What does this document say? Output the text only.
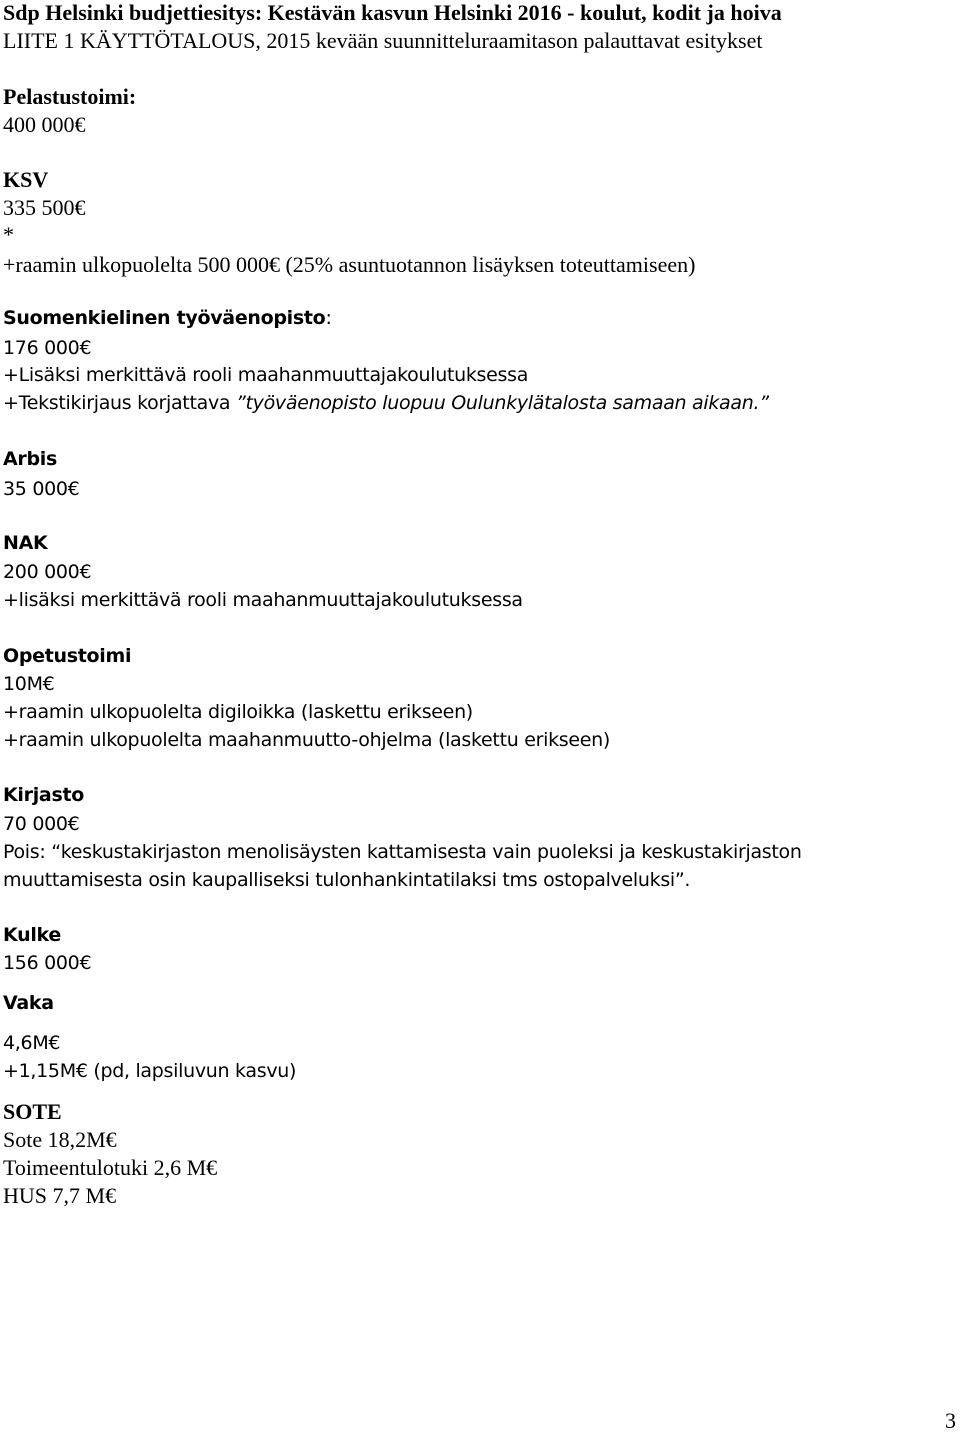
Sdp Helsinki budjettiesitys: Kestävän kasvun Helsinki 2016 - koulut, kodit ja hoiva
LIITE 1 KÄYTTÖTALOUS, 2015 kevään suunnitteluraamitason palauttavat esitykset
Pelastustoimi:
400 000€
KSV
335 500€
*
+raamin ulkopuolelta 500 000€ (25% asuntuotannon lisäyksen toteuttamiseen)
Suomenkielinen työväenopisto:
176 000€
+Lisäksi merkittävä rooli maahanmuuttajakoulutuksessa
+Tekstikirjaus korjattava ”työväenopisto luopuu Oulunkylätalosta samaan aikaan.”
Arbis
35 000€
NAK
200 000€
+lisäksi merkittävä rooli maahanmuuttajakoulutuksessa
Opetustoimi
10M€
+raamin ulkopuolelta digiloikka (laskettu erikseen)
+raamin ulkopuolelta maahanmuutto-ohjelma (laskettu erikseen)
Kirjasto
70 000€
Pois: “keskustakirjaston menolisäysten kattamisesta vain puoleksi ja keskustakirjaston
muuttamisesta osin kaupalliseksi tulonhankintatilaksi tms ostopalveluksi”.
Kulke
156 000€
Vaka
4,6M€
+1,15M€ (pd, lapsiluvun kasvu)
SOTE
Sote 18,2M€
Toimeentulotuki 2,6 M€
HUS 7,7 M€
3
